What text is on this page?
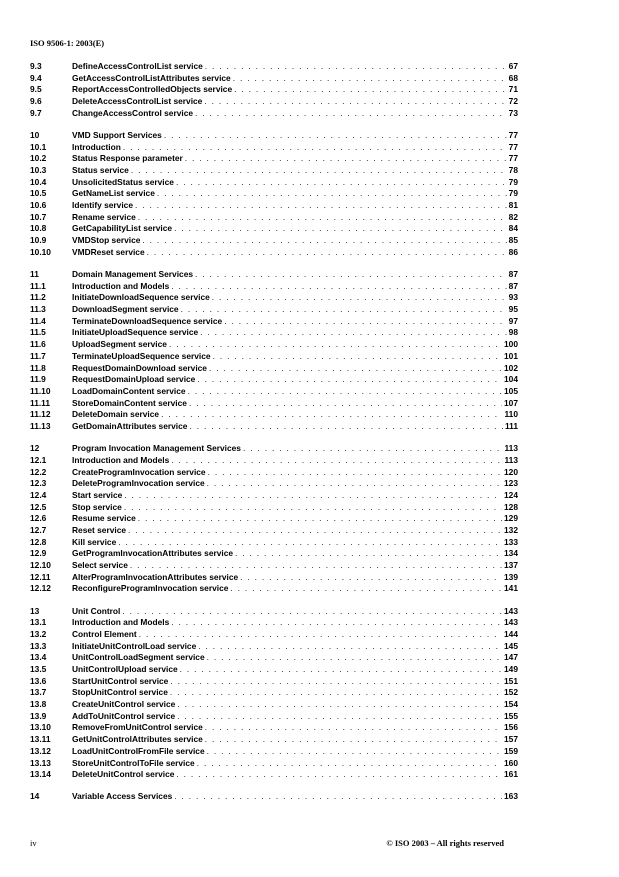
ISO 9506-1: 2003(E)
9.3	DefineAccessControlList service . . .	67
9.4	GetAccessControlListAttributes service . . .	68
9.5	ReportAccessControlledObjects service . . .	71
9.6	DeleteAccessControlList service . . .	72
9.7	ChangeAccessControl service . . .	73
10	VMD Support Services . . .	77
10.1	Introduction . . .	77
10.2	Status Response parameter . . .	77
10.3	Status service . . .	78
10.4	UnsolicitedStatus service . . .	79
10.5	GetNameList service . . .	79
10.6	Identify service . . .	81
10.7	Rename service . . .	82
10.8	GetCapabilityList service . . .	84
10.9	VMDStop service . . .	85
10.10	VMDReset service . . .	86
11	Domain Management Services . . .	87
11.1	Introduction and Models . . .	87
11.2	InitiateDownloadSequence service . . .	93
11.3	DownloadSegment service . . .	95
11.4	TerminateDownloadSequence service . . .	97
11.5	InitiateUploadSequence service . . .	98
11.6	UploadSegment service . . .	100
11.7	TerminateUploadSequence service . . .	101
11.8	RequestDomainDownload service . . .	102
11.9	RequestDomainUpload service . . .	104
11.10	LoadDomainContent service . . .	105
11.11	StoreDomainContent service . . .	107
11.12	DeleteDomain service . . .	110
11.13	GetDomainAttributes service . . .	111
12	Program Invocation Management Services . . .	113
12.1	Introduction and Models . . .	113
12.2	CreateProgramInvocation service . . .	120
12.3	DeleteProgramInvocation service . . .	123
12.4	Start service . . .	124
12.5	Stop service . . .	128
12.6	Resume service . . .	129
12.7	Reset service . . .	132
12.8	Kill service . . .	133
12.9	GetProgramInvocationAttributes service . . .	134
12.10	Select service . . .	137
12.11	AlterProgramInvocationAttributes service . . .	139
12.12	ReconfigureProgramInvocation service . . .	141
13	Unit Control . . .	143
13.1	Introduction and Models . . .	143
13.2	Control Element . . .	144
13.3	InitiateUnitControlLoad service . . .	145
13.4	UnitControlLoadSegment service . . .	147
13.5	UnitControlUpload service . . .	149
13.6	StartUnitControl service . . .	151
13.7	StopUnitControl service . . .	152
13.8	CreateUnitControl service . . .	154
13.9	AddToUnitControl service . . .	155
13.10	RemoveFromUnitControl service . . .	156
13.11	GetUnitControlAttributes service . . .	157
13.12	LoadUnitControlFromFile service . . .	159
13.13	StoreUnitControlToFile service . . .	160
13.14	DeleteUnitControl service . . .	161
14	Variable Access Services . . .	163
iv	© ISO 2003 – All rights reserved
